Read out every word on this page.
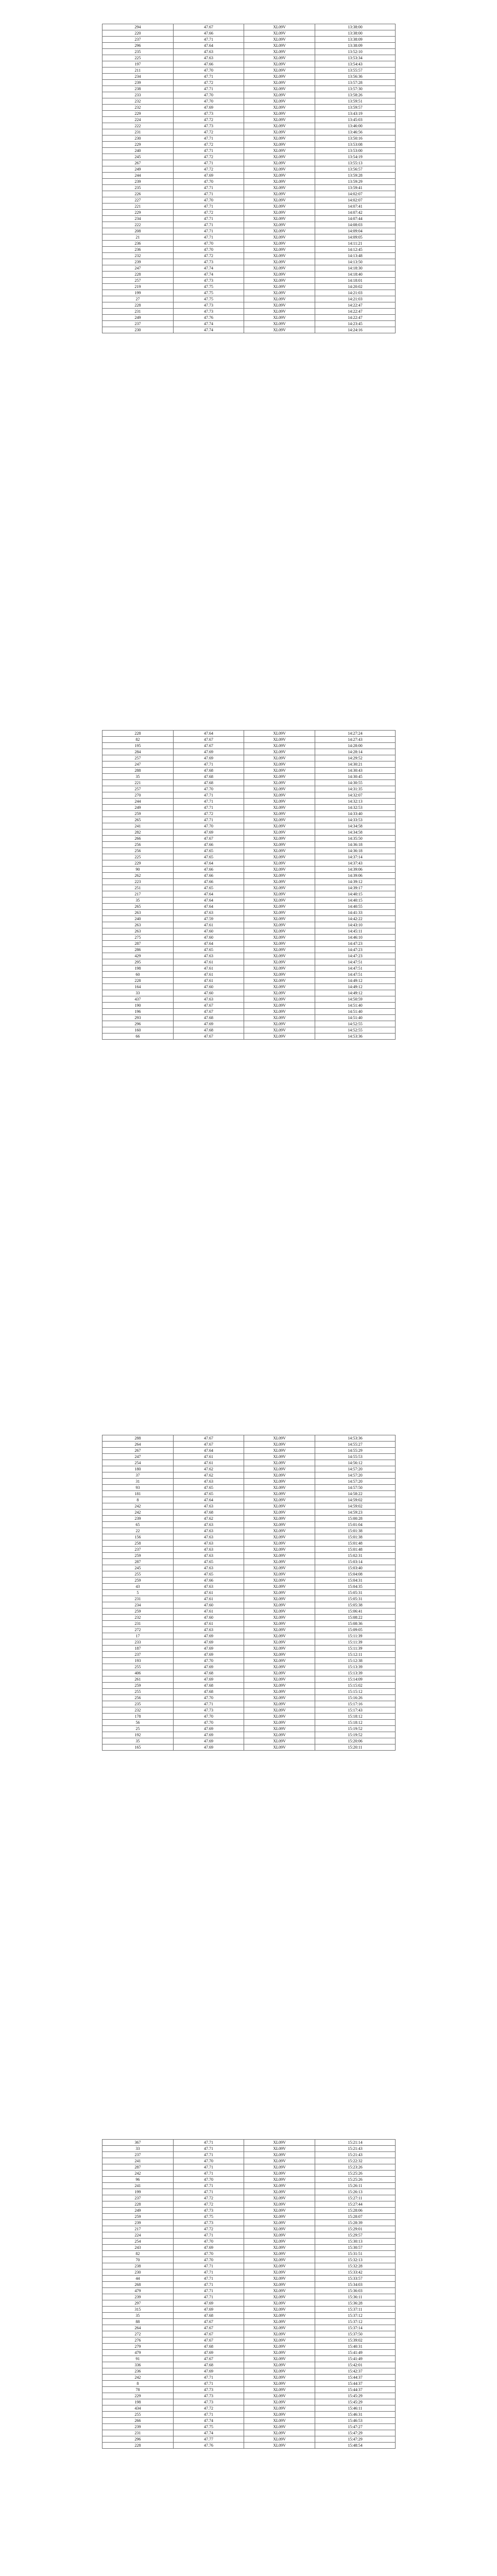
294	47.67	XL09V	13:38:00
220	47.66	XL09V	13:38:00
237	47.71	XL09V	13:38:09
296	47.64	XL09V	13:38:09
235	47.63	XL09V	13:52:10
225	47.63	XL09V	13:53:34
197	47.66	XL09V	13:54:43
211	47.70	XL09V	13:55:57
234	47.71	XL09V	13:56:36
239	47.72	XL09V	13:57:28
238	47.71	XL09V	13:57:30
233	47.70	XL09V	13:58:26
232	47.70	XL09V	13:59:51
232	47.69	XL09V	13:59:57
229	47.73	XL09V	13:43:19
224	47.72	XL09V	13:45:03
222	47.73	XL09V	13:46:00
231	47.72	XL09V	13:46:56
230	47.71	XL09V	13:50:16
229	47.72	XL09V	13:53:08
240	47.71	XL09V	13:53:00
245	47.72	XL09V	13:54:19
267	47.71	XL09V	13:55:13
249	47.72	XL09V	13:56:57
244	47.69	XL09V	13:59:28
239	47.70	XL09V	13:59:29
235	47.71	XL09V	13:59:41
226	47.71	XL09V	14:02:07
227	47.70	XL09V	14:02:07
221	47.71	XL09V	14:07:41
229	47.72	XL09V	14:07:42
234	47.71	XL09V	14:07:44
222	47.71	XL09V	14:08:03
208	47.71	XL09V	14:09:04
21	47.71	XL09V	14:09:05
236	47.70	XL09V	14:11:21
236	47.70	XL09V	14:12:45
232	47.72	XL09V	14:13:48
239	47.73	XL09V	14:13:50
247	47.74	XL09V	14:18:30
228	47.74	XL09V	14:18:40
257	47.73	XL09V	14:18:01
219	47.75	XL09V	14:20:02
199	47.75	XL09V	14:21:03
27	47.75	XL09V	14:21:03
228	47.73	XL09V	14:22:47
231	47.73	XL09V	14:22:47
249	47.76	XL09V	14:22:47
237	47.74	XL09V	14:23:45
230	47.74	XL09V	14:24:16
228	47.64	XL09V	14:27:24
82	47.67	XL09V	14:27:43
195	47.67	XL09V	14:28:00
284	47.69	XL09V	14:28:14
257	47.69	XL09V	14:29:52
247	47.71	XL09V	14:30:21
288	47.68	XL09V	14:30:43
35	47.68	XL09V	14:30:45
221	47.68	XL09V	14:30:55
257	47.70	XL09V	14:31:35
270	47.71	XL09V	14:32:07
244	47.71	XL09V	14:32:13
249	47.71	XL09V	14:32:53
259	47.72	XL09V	14:33:40
265	47.71	XL09V	14:33:53
241	47.70	XL09V	14:34:58
282	47.69	XL09V	14:34:58
266	47.67	XL09V	14:35:50
256	47.66	XL09V	14:36:18
256	47.65	XL09V	14:36:18
225	47.65	XL09V	14:37:14
229	47.64	XL09V	14:37:43
90	47.66	XL09V	14:39:06
262	47.66	XL09V	14:39:06
223	47.66	XL09V	14:39:12
251	47.65	XL09V	14:39:17
217	47.64	XL09V	14:40:15
35	47.64	XL09V	14:40:15
265	47.64	XL09V	14:40:55
263	47.63	XL09V	14:41:33
240	47.59	XL09V	14:42:22
263	47.61	XL09V	14:43:10
263	47.60	XL09V	14:45:11
275	47.60	XL09V	14:46:10
287	47.64	XL09V	14:47:23
286	47.65	XL09V	14:47:23
429	47.63	XL09V	14:47:23
295	47.61	XL09V	14:47:51
198	47.61	XL09V	14:47:51
60	47.61	XL09V	14:47:51
228	47.61	XL09V	14:49:12
164	47.60	XL09V	14:49:12
33	47.60	XL09V	14:49:12
437	47.63	XL09V	14:50:59
190	47.67	XL09V	14:51:40
196	47.67	XL09V	14:51:40
293	47.68	XL09V	14:51:40
296	47.69	XL09V	14:52:55
160	47.68	XL09V	14:52:55
66	47.67	XL09V	14:53:36
288	47.67	XL09V	14:53:36
264	47.67	XL09V	14:55:27
267	47.64	XL09V	14:55:29
247	47.61	XL09V	14:55:53
254	47.61	XL09V	14:56:12
180	47.62	XL09V	14:57:20
37	47.62	XL09V	14:57:20
31	47.63	XL09V	14:57:20
93	47.65	XL09V	14:57:50
181	47.65	XL09V	14:58:22
8	47.64	XL09V	14:59:02
242	47.63	XL09V	14:59:02
242	47.68	XL09V	14:59:23
239	47.62	XL09V	15:00:28
65	47.63	XL09V	15:01:04
22	47.63	XL09V	15:01:38
156	47.63	XL09V	15:01:38
258	47.63	XL09V	15:01:48
237	47.63	XL09V	15:01:48
259	47.63	XL09V	15:02:31
287	47.65	XL09V	15:03:14
245	47.63	XL09V	15:03:40
255	47.65	XL09V	15:04:08
259	47.66	XL09V	15:04:31
43	47.63	XL09V	15:04:35
5	47.61	XL09V	15:05:31
231	47.61	XL09V	15:05:31
234	47.60	XL09V	15:05:38
259	47.61	XL09V	15:06:41
232	47.60	XL09V	15:08:22
231	47.61	XL09V	15:08:36
272	47.63	XL09V	15:09:05
17	47.69	XL09V	15:11:39
233	47.69	XL09V	15:11:39
187	47.69	XL09V	15:11:39
237	47.69	XL09V	15:12:11
193	47.70	XL09V	15:12:38
255	47.69	XL09V	15:13:39
406	47.68	XL09V	15:13:39
261	47.69	XL09V	15:14:09
259	47.68	XL09V	15:15:02
255	47.68	XL09V	15:15:12
256	47.70	XL09V	15:16:26
235	47.71	XL09V	15:17:16
232	47.73	XL09V	15:17:43
178	47.70	XL09V	15:18:12
56	47.70	XL09V	15:18:12
25	47.69	XL09V	15:19:52
192	47.69	XL09V	15:19:52
35	47.69	XL09V	15:20:06
165	47.69	XL09V	15:20:11
367	47.71	XL09V	15:21:14
33	47.71	XL09V	15:21:43
237	47.71	XL09V	15:21:43
241	47.70	XL09V	15:22:32
287	47.71	XL09V	15:23:26
242	47.71	XL09V	15:25:26
96	47.70	XL09V	15:25:26
241	47.71	XL09V	15:26:11
199	47.71	XL09V	15:26:13
237	47.72	XL09V	15:27:11
228	47.72	XL09V	15:27:44
249	47.73	XL09V	15:28:06
259	47.75	XL09V	15:28:07
239	47.73	XL09V	15:28:39
217	47.72	XL09V	15:29:01
224	47.71	XL09V	15:29:57
254	47.70	XL09V	15:30:13
243	47.69	XL09V	15:30:57
82	47.70	XL09V	15:31:51
70	47.70	XL09V	15:32:13
238	47.71	XL09V	15:32:28
230	47.71	XL09V	15:33:42
44	47.71	XL09V	15:33:57
268	47.71	XL09V	15:34:03
479	47.71	XL09V	15:36:03
239	47.71	XL09V	15:36:11
297	47.69	XL09V	15:36:28
315	47.69	XL09V	15:37:11
35	47.68	XL09V	15:37:12
88	47.67	XL09V	15:37:12
264	47.67	XL09V	15:37:14
272	47.67	XL09V	15:37:50
276	47.67	XL09V	15:39:02
279	47.68	XL09V	15:40:31
479	47.69	XL09V	15:41:49
91	47.67	XL09V	15:41:49
336	47.68	XL09V	15:42:01
236	47.69	XL09V	15:42:37
242	47.71	XL09V	15:44:37
8	47.71	XL09V	15:44:37
78	47.73	XL09V	15:44:37
229	47.73	XL09V	15:45:29
198	47.73	XL09V	15:45:29
434	47.72	XL09V	15:46:11
255	47.71	XL09V	15:46:31
266	47.74	XL09V	15:46:53
239	47.75	XL09V	15:47:27
231	47.74	XL09V	15:47:29
296	47.77	XL09V	15:47:29
228	47.76	XL09V	15:48:54
